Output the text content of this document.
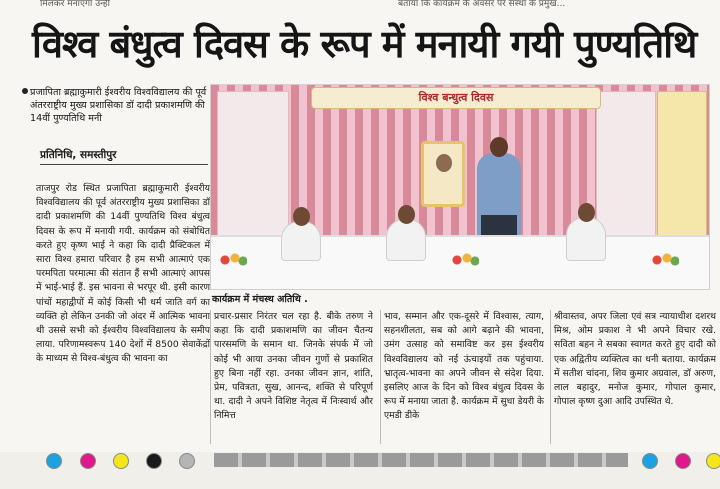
मिलकर मनाएगा उन्हीं	बताया कि कार्यक्रम के अवसर पर संस्था के प्रमुख...
विश्व बंधुत्व दिवस के रूप में मनायी गयी पुण्यतिथि
प्रजापिता ब्रह्माकुमारी ईश्वरीय विश्वविद्यालय की पूर्व अंतरराष्ट्रीय मुख्य प्रशासिका डॉ दादी प्रकाशमणि की 14वीं पुण्यतिथि मनी
प्रतिनिधि, समस्तीपुर
विश्व बन्धुत्व दिवस
कार्यक्रम में मंचस्थ अतिथि .
ताजपुर रोड स्थित प्रजापिता ब्रह्माकुमारी ईश्वरीय विश्वविद्यालय की पूर्व अंतरराष्ट्रीय मुख्य प्रशासिका डॉ दादी प्रकाशमणि की 14वीं पुण्यतिथि विश्व बंधुत्व दिवस के रूप में मनायी गयी. कार्यक्रम को संबोधित करते हुए कृष्ण भाई ने कहा कि दादी प्रैक्टिकल में सारा विश्व हमारा परिवार है हम सभी आत्माएं एक परमपिता परमात्मा की संतान हैं सभी आत्माएं आपस में भाई-भाई हैं. इस भावना से भरपूर थी. इसी कारण पांचों महाद्वीपों में कोई किसी भी धर्म जाति वर्ग का व्यक्ति हो लेकिन उनकी जो अंदर में आत्मिक भावना थी उससे सभी को ईश्वरीय विश्वविद्यालय के समीप लाया. परिणामस्वरूप 140 देशों में 8500 सेवाकेंद्रों के माध्यम से विश्व-बंधुत्व की भावना का
प्रचार-प्रसार निरंतर चल रहा है. बीके तरुण ने कहा कि दादी प्रकाशमणि का जीवन चैतन्य पारसमणि के समान था. जिनके संपर्क में जो कोई भी आया उनका जीवन गुणों से प्रकाशित हुए बिना नहीं रहा. उनका जीवन ज्ञान, शांति, प्रेम, पवित्रता, सुख, आनन्द, शक्ति से परिपूर्ण था. दादी ने अपने विशिष्ट नेतृत्व में निःस्वार्थ और निमित्त
भाव, सम्मान और एक-दूसरे में विश्वास, त्याग, सहनशीलता, सब को आगे बढ़ाने की भावना, उमंग उत्साह को समाविष्ट कर इस ईश्वरीय विश्वविद्यालय को नई ऊंचाइयों तक पहुंचाया. भ्रातृत्व-भावना का अपने जीवन से संदेश दिया. इसलिए आज के दिन को विश्व बंधुत्व दिवस के रूप में मनाया जाता है. कार्यक्रम में सुधा डेयरी के एमडी डीके
श्रीवास्तव, अपर जिला एवं सत्र न्यायाधीश दशरथ मिश्र, ओम प्रकाश ने भी अपने विचार रखे. सविता बहन ने सबका स्वागत करते हुए दादी को एक अद्वितीय व्यक्तित्व का धनी बताया. कार्यक्रम में सतीश चांदना, शिव कुमार अग्रवाल, डॉ अरुण, लाल बहादुर, मनोज कुमार, गोपाल कुमार, गोपाल कृष्ण दुआ आदि उपस्थित थे.
